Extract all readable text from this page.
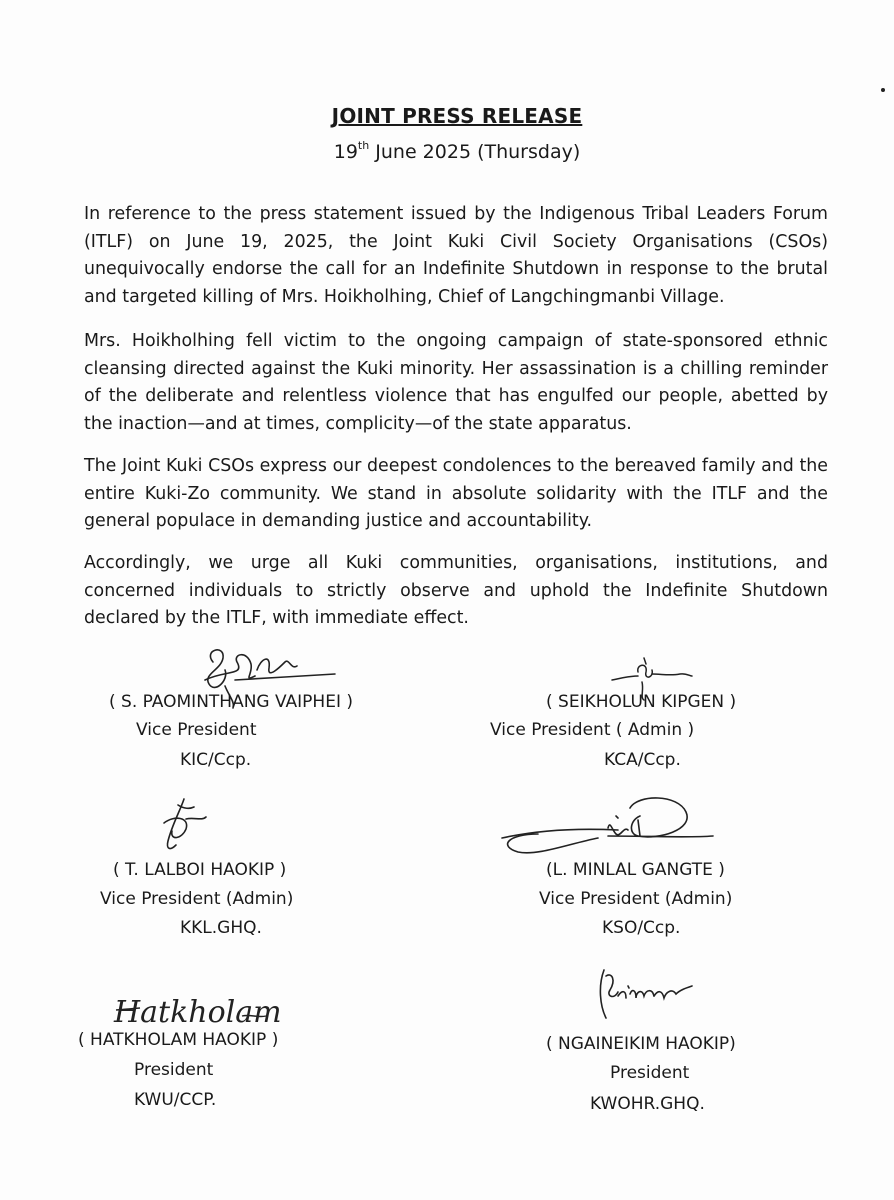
JOINT PRESS RELEASE
19th June 2025 (Thursday)

In reference to the press statement issued by the Indigenous Tribal Leaders Forum (ITLF) on June 19, 2025, the Joint Kuki Civil Society Organisations (CSOs) unequivocally endorse the call for an Indefinite Shutdown in response to the brutal and targeted killing of Mrs. Hoikholhing, Chief of Langchingmanbi Village.

Mrs. Hoikholhing fell victim to the ongoing campaign of state-sponsored ethnic cleansing directed against the Kuki minority. Her assassination is a chilling reminder of the deliberate and relentless violence that has engulfed our people, abetted by the inaction—and at times, complicity—of the state apparatus.

The Joint Kuki CSOs express our deepest condolences to the bereaved family and the entire Kuki-Zo community. We stand in absolute solidarity with the ITLF and the general populace in demanding justice and accountability.

Accordingly, we urge all Kuki communities, organisations, institutions, and concerned individuals to strictly observe and uphold the Indefinite Shutdown declared by the ITLF, with immediate effect.

( S. PAOMINTHANG VAIPHEI )
Vice President
KIC/Ccp.
( SEIKHOLUN KIPGEN )
Vice President ( Admin )
KCA/Ccp.
( T. LALBOI HAOKIP )
Vice President (Admin)
KKL.GHQ.
(L. MINLAL GANGTE )
Vice President (Admin)
KSO/Ccp.
Hatkholam
( HATKHOLAM HAOKIP )
President
KWU/CCP.
( NGAINEIKIM HAOKIP)
President
KWOHR.GHQ.
